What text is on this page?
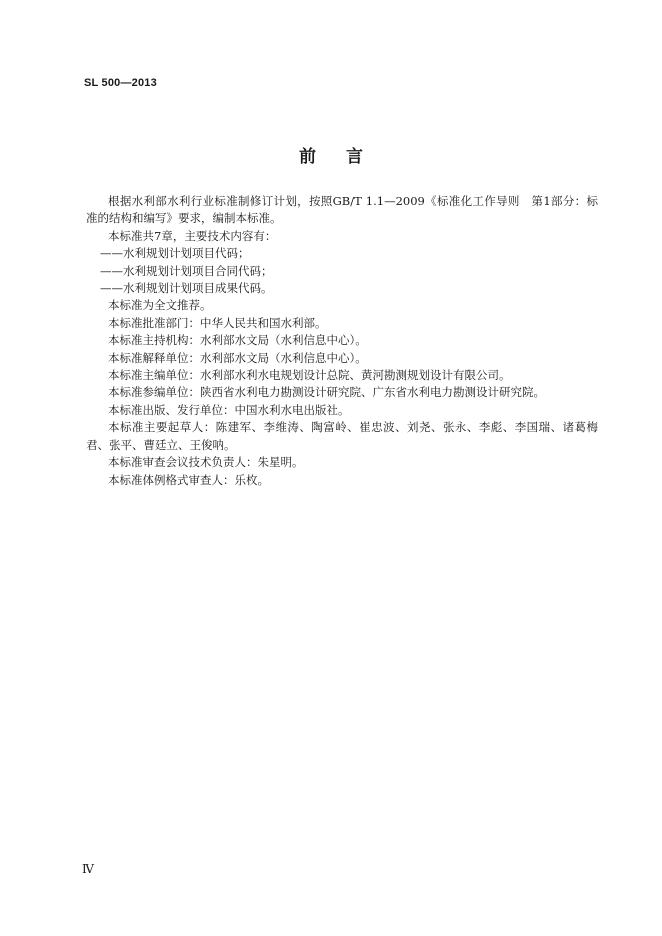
SL 500—2013
前言

根据水利部水利行业标准制修订计划，按照GB/T 1.1—2009《标准化工作导则　第1部分：标准的结构和编写》要求，编制本标准。

本标准共7章，主要技术内容有：

——水利规划计划项目代码；

——水利规划计划项目合同代码；

——水利规划计划项目成果代码。

本标准为全文推荐。

本标准批准部门：中华人民共和国水利部。

本标准主持机构：水利部水文局（水利信息中心）。

本标准解释单位：水利部水文局（水利信息中心）。

本标准主编单位：水利部水利水电规划设计总院、黄河勘测规划设计有限公司。

本标准参编单位：陕西省水利电力勘测设计研究院、广东省水利电力勘测设计研究院。

本标准出版、发行单位：中国水利水电出版社。

本标准主要起草人：陈建军、李维涛、陶富岭、崔忠波、刘尧、张永、李彪、李国瑞、诸葛梅君、张平、曹廷立、王俊呐。

本标准审查会议技术负责人：朱星明。

本标准体例格式审查人：乐枚。

Ⅳ
